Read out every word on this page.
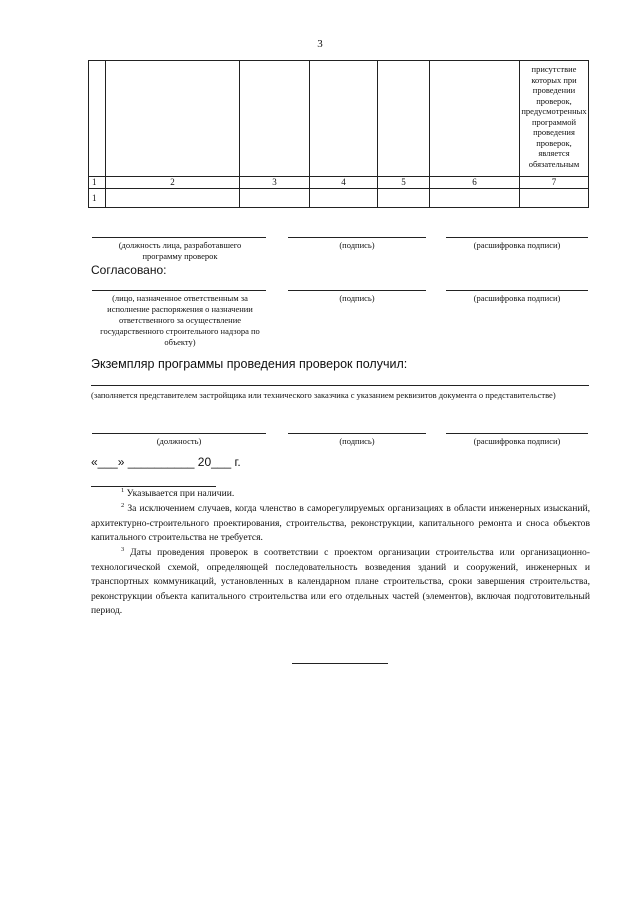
3

						присутствие которых при проведении проверок, предусмотренных программой проведения проверок, является обязательным

1	2	3	4	5	6	7
1						
(должность лица, разработавшего программу проверок
(подпись)	(расшифровка подписи)
Согласовано:
(лицо, назначенное ответственным за исполнение распоряжения о назначении ответственного за осуществление государственного строительного надзора по объекту)
(подпись)	(расшифровка подписи)
Экземпляр программы проведения проверок получил:
(заполняется представителем застройщика или технического заказчика с указанием реквизитов документа о представительстве)
(должность)	(подпись)	(расшифровка подписи)
«___» __________ 20___ г.
$^1$ Указывается при наличии.
$^2$ За исключением случаев, когда членство в саморегулируемых организациях в области инженерных изысканий, архитектурно-строительного проектирования, строительства, реконструкции, капитального ремонта и сноса объектов капитального строительства не требуется.
$^3$ Даты проведения проверок в соответствии с проектом организации строительства или организационно-технологической схемой, определяющей последовательность возведения зданий и сооружений, инженерных и транспортных коммуникаций, установленных в календарном плане строительства, сроки завершения строительства, реконструкции объекта капитального строительства или его отдельных частей (элементов), включая подготовительный период.
